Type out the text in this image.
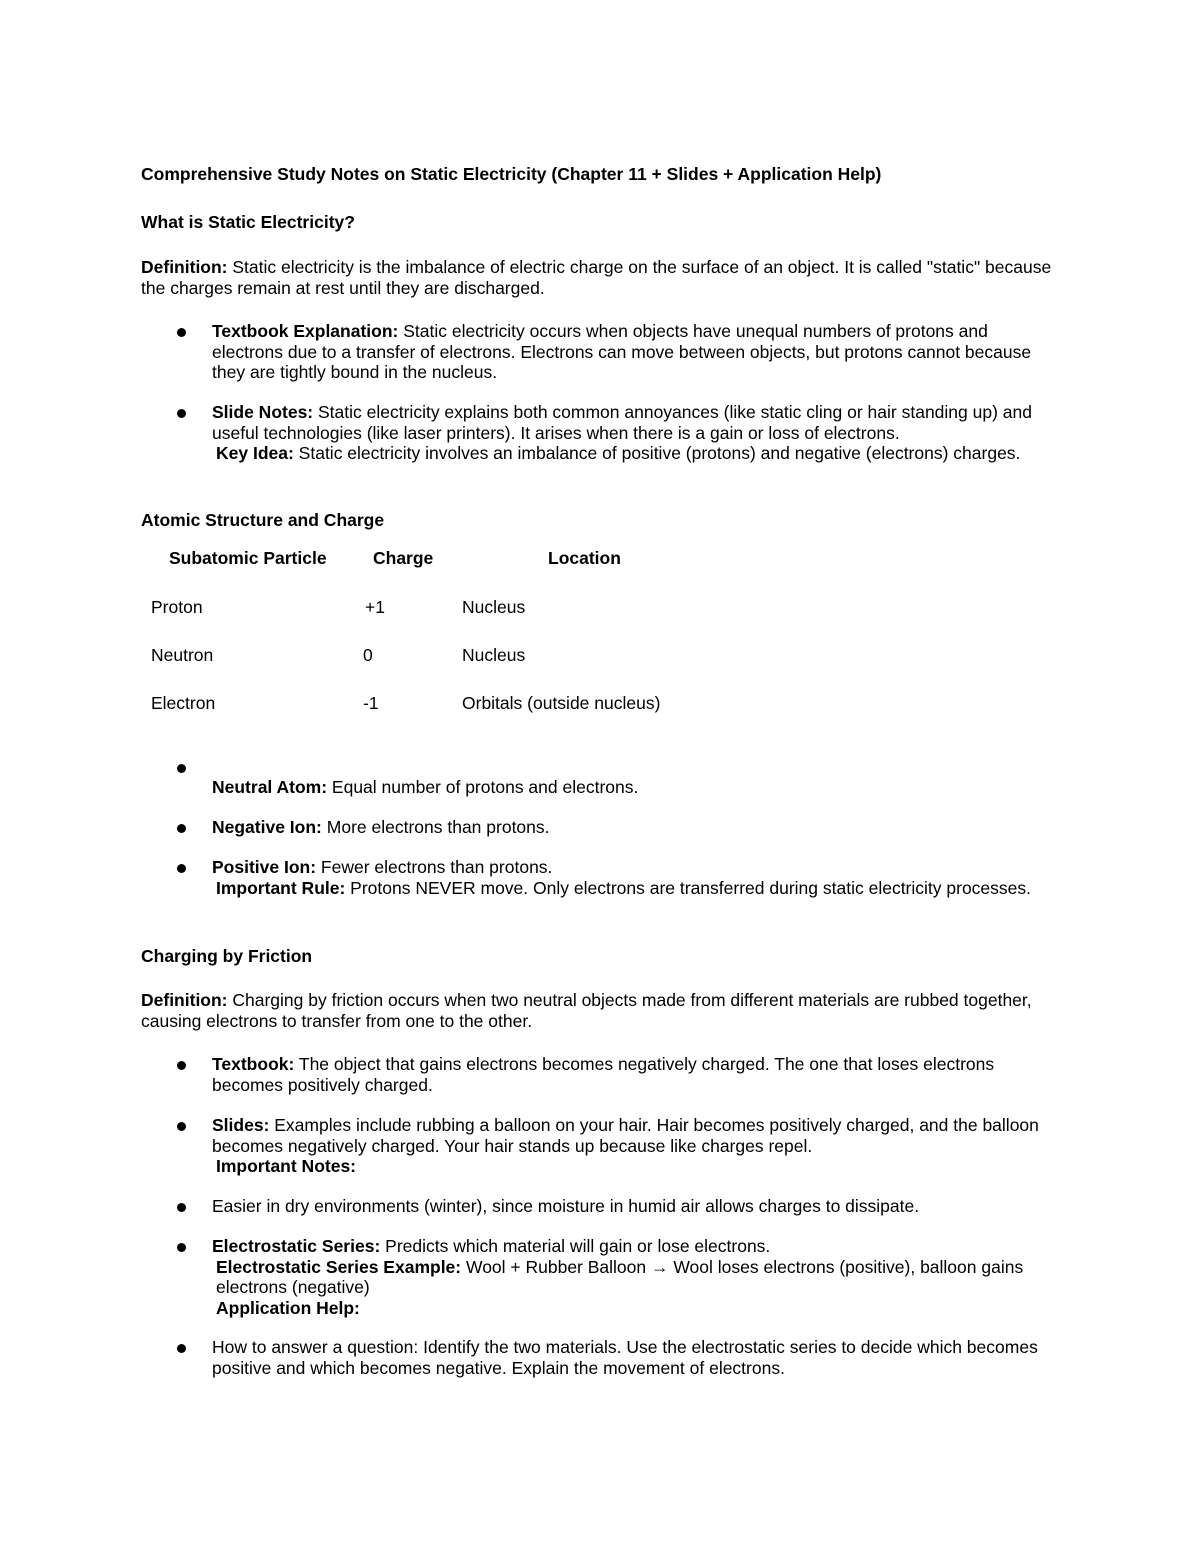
Comprehensive Study Notes on Static Electricity (Chapter 11 + Slides + Application Help)
What is Static Electricity?
Definition: Static electricity is the imbalance of electric charge on the surface of an object. It is called "static" because the charges remain at rest until they are discharged.
Textbook Explanation: Static electricity occurs when objects have unequal numbers of protons and electrons due to a transfer of electrons. Electrons can move between objects, but protons cannot because they are tightly bound in the nucleus.
Slide Notes: Static electricity explains both common annoyances (like static cling or hair standing up) and useful technologies (like laser printers). It arises when there is a gain or loss of electrons.
Key Idea: Static electricity involves an imbalance of positive (protons) and negative (electrons) charges.
Atomic Structure and Charge
Subatomic Particle	Charge	Location
Proton	+1	Nucleus
Neutron	0	Nucleus
Electron	-1	Orbitals (outside nucleus)
Neutral Atom: Equal number of protons and electrons.
Negative Ion: More electrons than protons.
Positive Ion: Fewer electrons than protons.
Important Rule: Protons NEVER move. Only electrons are transferred during static electricity processes.
Charging by Friction
Definition: Charging by friction occurs when two neutral objects made from different materials are rubbed together, causing electrons to transfer from one to the other.
Textbook: The object that gains electrons becomes negatively charged. The one that loses electrons becomes positively charged.
Slides: Examples include rubbing a balloon on your hair. Hair becomes positively charged, and the balloon becomes negatively charged. Your hair stands up because like charges repel.
Important Notes:
Easier in dry environments (winter), since moisture in humid air allows charges to dissipate.
Electrostatic Series: Predicts which material will gain or lose electrons.
Electrostatic Series Example: Wool + Rubber Balloon → Wool loses electrons (positive), balloon gains electrons (negative)
Application Help:
How to answer a question: Identify the two materials. Use the electrostatic series to decide which becomes positive and which becomes negative. Explain the movement of electrons.
